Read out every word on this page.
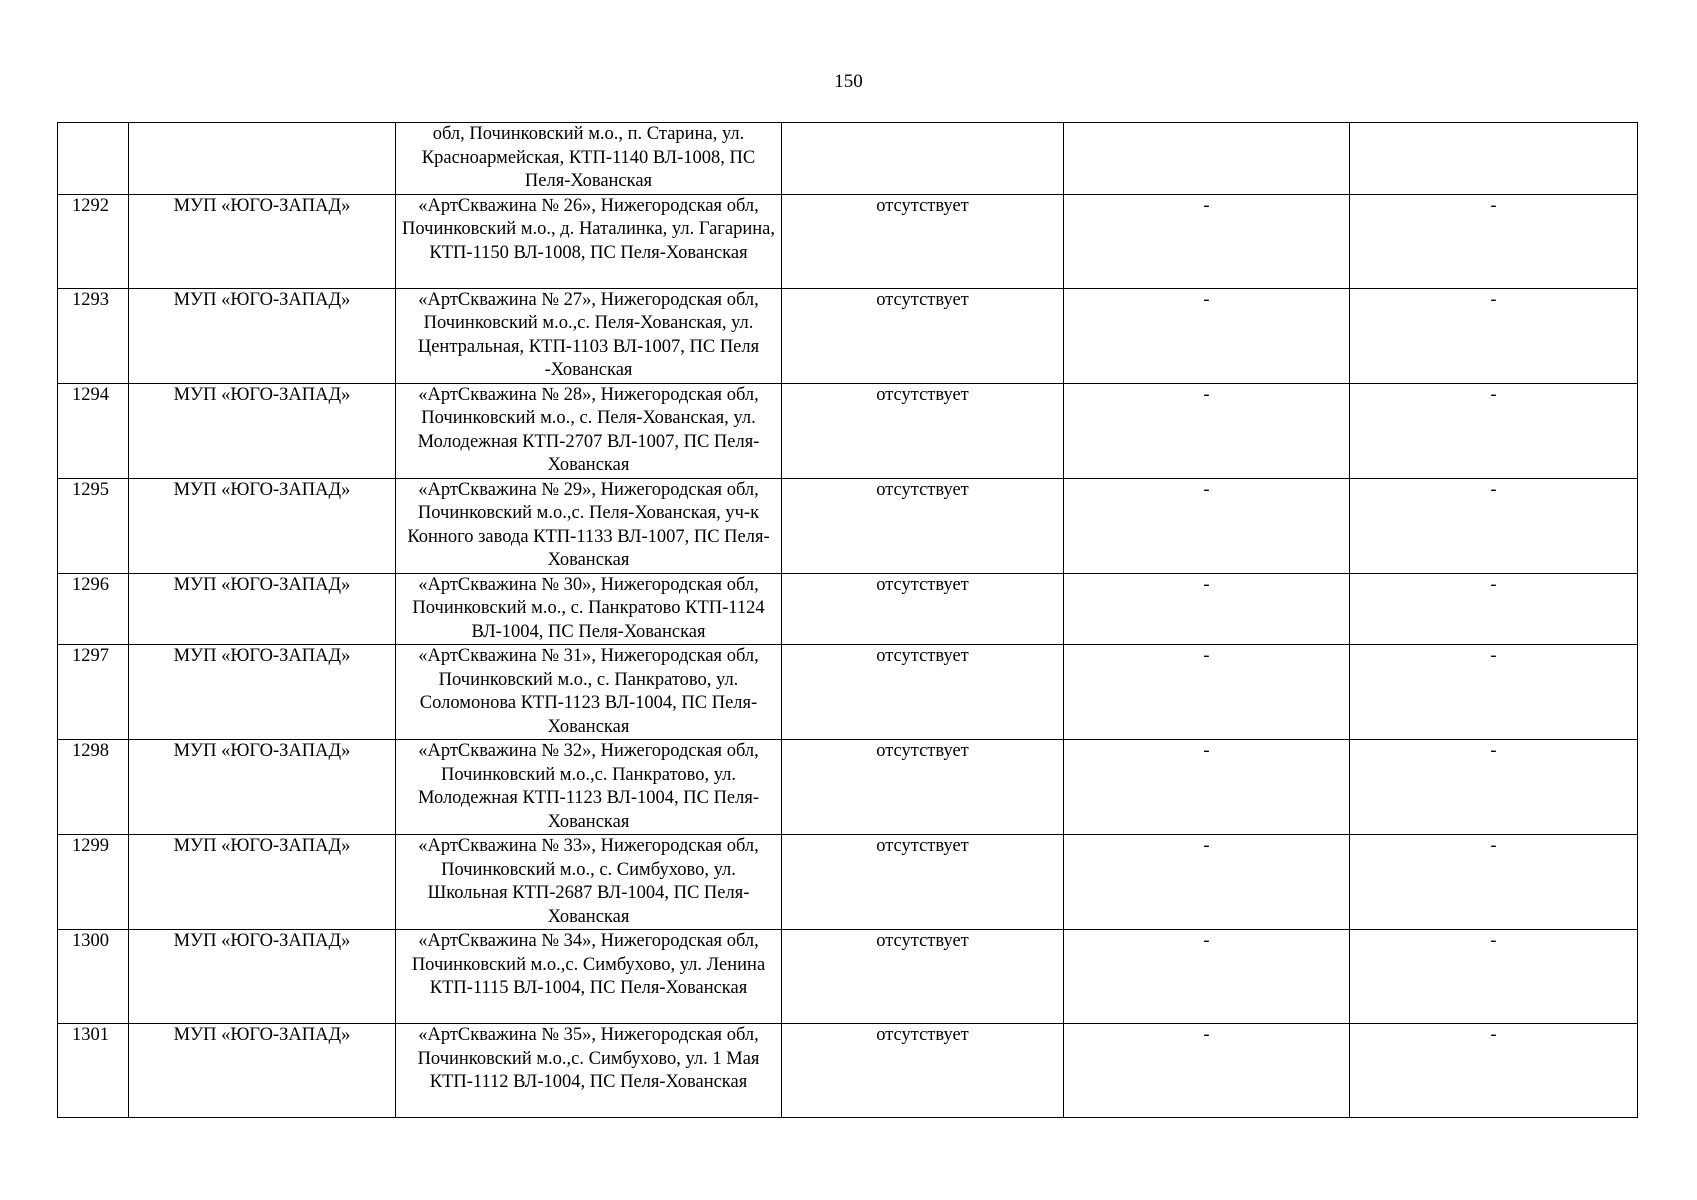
150
		обл, Починковский м.о., п. Старина, ул. Красноармейская, КТП-1140 ВЛ-1008, ПС Пеля-Хованская			
1292	МУП «ЮГО-ЗАПАД»	«АртСкважина № 26», Нижегородская обл, Починковский м.о., д. Наталинка, ул. Гагарина, КТП-1150 ВЛ-1008, ПС Пеля-Хованская	отсутствует	-	-
1293	МУП «ЮГО-ЗАПАД»	«АртСкважина № 27», Нижегородская обл, Починковский м.о.,с. Пеля-Хованская, ул. Центральная, КТП-1103 ВЛ-1007, ПС Пеля -Хованская	отсутствует	-	-
1294	МУП «ЮГО-ЗАПАД»	«АртСкважина № 28», Нижегородская обл, Починковский м.о., с. Пеля-Хованская, ул. Молодежная КТП-2707 ВЛ-1007, ПС Пеля-Хованская	отсутствует	-	-
1295	МУП «ЮГО-ЗАПАД»	«АртСкважина № 29», Нижегородская обл, Починковский м.о.,с. Пеля-Хованская, уч-к Конного завода КТП-1133 ВЛ-1007, ПС Пеля-Хованская	отсутствует	-	-
1296	МУП «ЮГО-ЗАПАД»	«АртСкважина № 30», Нижегородская обл, Починковский м.о., с. Панкратово КТП-1124 ВЛ-1004, ПС Пеля-Хованская	отсутствует	-	-
1297	МУП «ЮГО-ЗАПАД»	«АртСкважина № 31», Нижегородская обл, Починковский м.о., с. Панкратово, ул. Соломонова КТП-1123 ВЛ-1004, ПС Пеля-Хованская	отсутствует	-	-
1298	МУП «ЮГО-ЗАПАД»	«АртСкважина № 32», Нижегородская обл, Починковский м.о.,с. Панкратово, ул. Молодежная КТП-1123 ВЛ-1004, ПС Пеля-Хованская	отсутствует	-	-
1299	МУП «ЮГО-ЗАПАД»	«АртСкважина № 33», Нижегородская обл, Починковский м.о., с. Симбухово, ул. Школьная КТП-2687 ВЛ-1004, ПС Пеля-Хованская	отсутствует	-	-
1300	МУП «ЮГО-ЗАПАД»	«АртСкважина № 34», Нижегородская обл, Починковский м.о.,с. Симбухово, ул. Ленина КТП-1115 ВЛ-1004, ПС Пеля-Хованская	отсутствует	-	-
1301	МУП «ЮГО-ЗАПАД»	«АртСкважина № 35», Нижегородская обл, Починковский м.о.,с. Симбухово, ул. 1 Мая КТП-1112 ВЛ-1004, ПС Пеля-Хованская	отсутствует	-	-
